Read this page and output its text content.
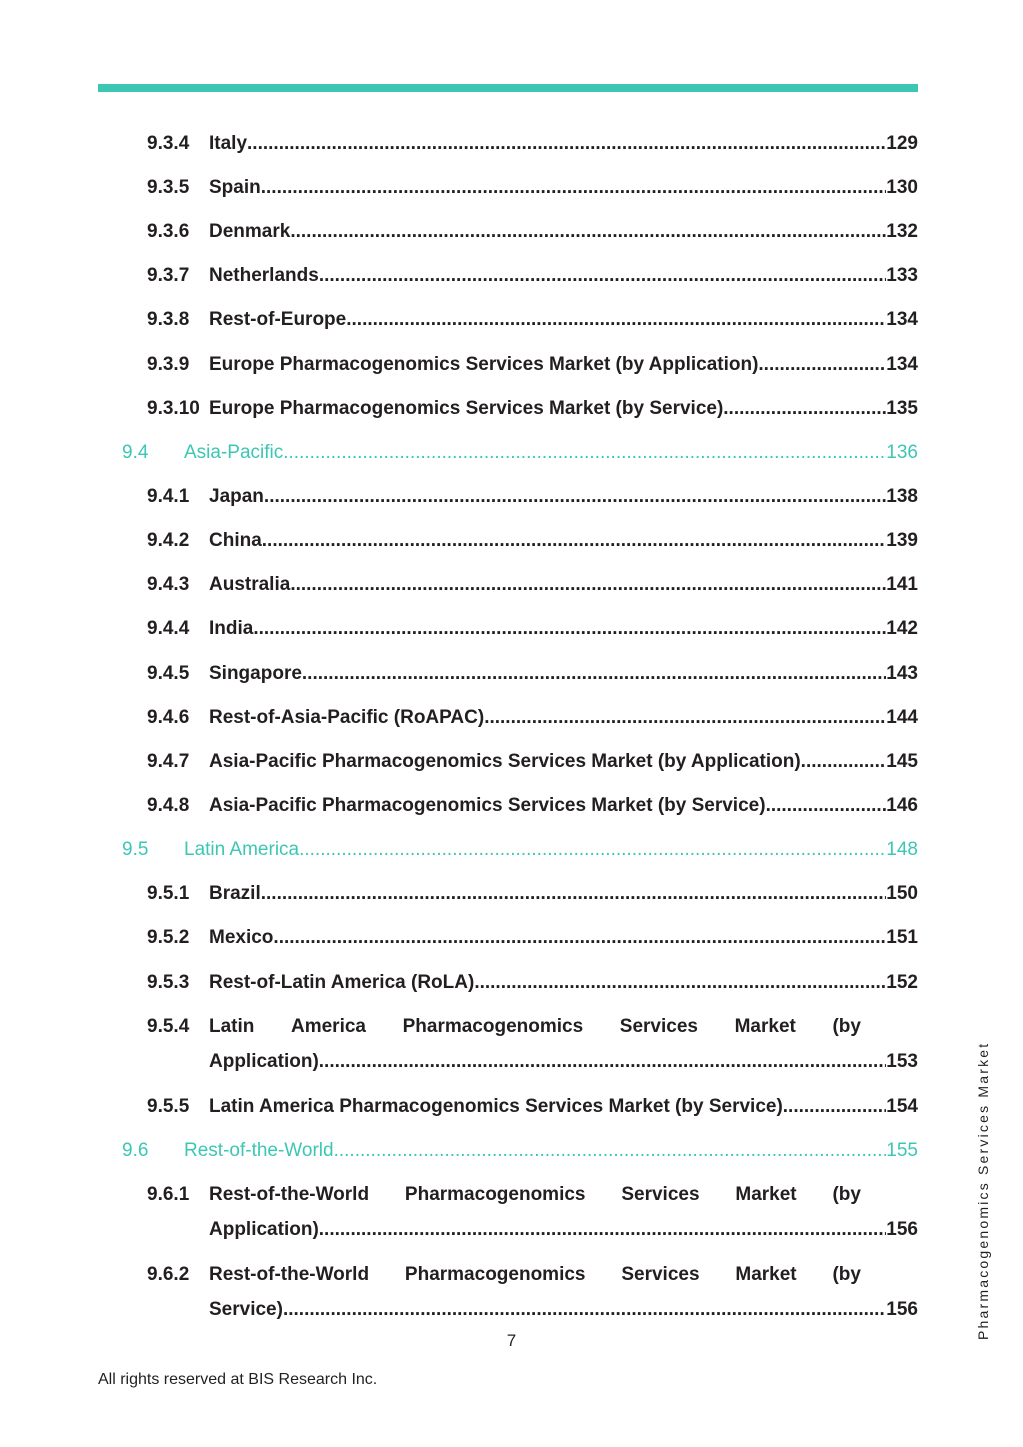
9.3.4 Italy .....	129
9.3.5 Spain .....	130
9.3.6 Denmark .....	132
9.3.7 Netherlands .....	133
9.3.8 Rest-of-Europe .....	134
9.3.9 Europe Pharmacogenomics Services Market (by Application) .....	134
9.3.10 Europe Pharmacogenomics Services Market (by Service) .....	135
9.4 Asia-Pacific .....	136
9.4.1 Japan .....	138
9.4.2 China .....	139
9.4.3 Australia .....	141
9.4.4 India .....	142
9.4.5 Singapore .....	143
9.4.6 Rest-of-Asia-Pacific (RoAPAC) .....	144
9.4.7 Asia-Pacific Pharmacogenomics Services Market (by Application) .....	145
9.4.8 Asia-Pacific Pharmacogenomics Services Market (by Service) .....	146
9.5 Latin America .....	148
9.5.1 Brazil .....	150
9.5.2 Mexico .....	151
9.5.3 Rest-of-Latin America (RoLA) .....	152
9.5.4 Latin America Pharmacogenomics Services Market (by
Application) .....	153
9.5.5 Latin America Pharmacogenomics Services Market (by Service) .....	154
9.6 Rest-of-the-World .....	155
9.6.1 Rest-of-the-World Pharmacogenomics Services Market (by
Application) .....	156
9.6.2 Rest-of-the-World Pharmacogenomics Services Market (by
Service) .....	156
7
All rights reserved at BIS Research Inc.
Pharmacogenomics Services Market
